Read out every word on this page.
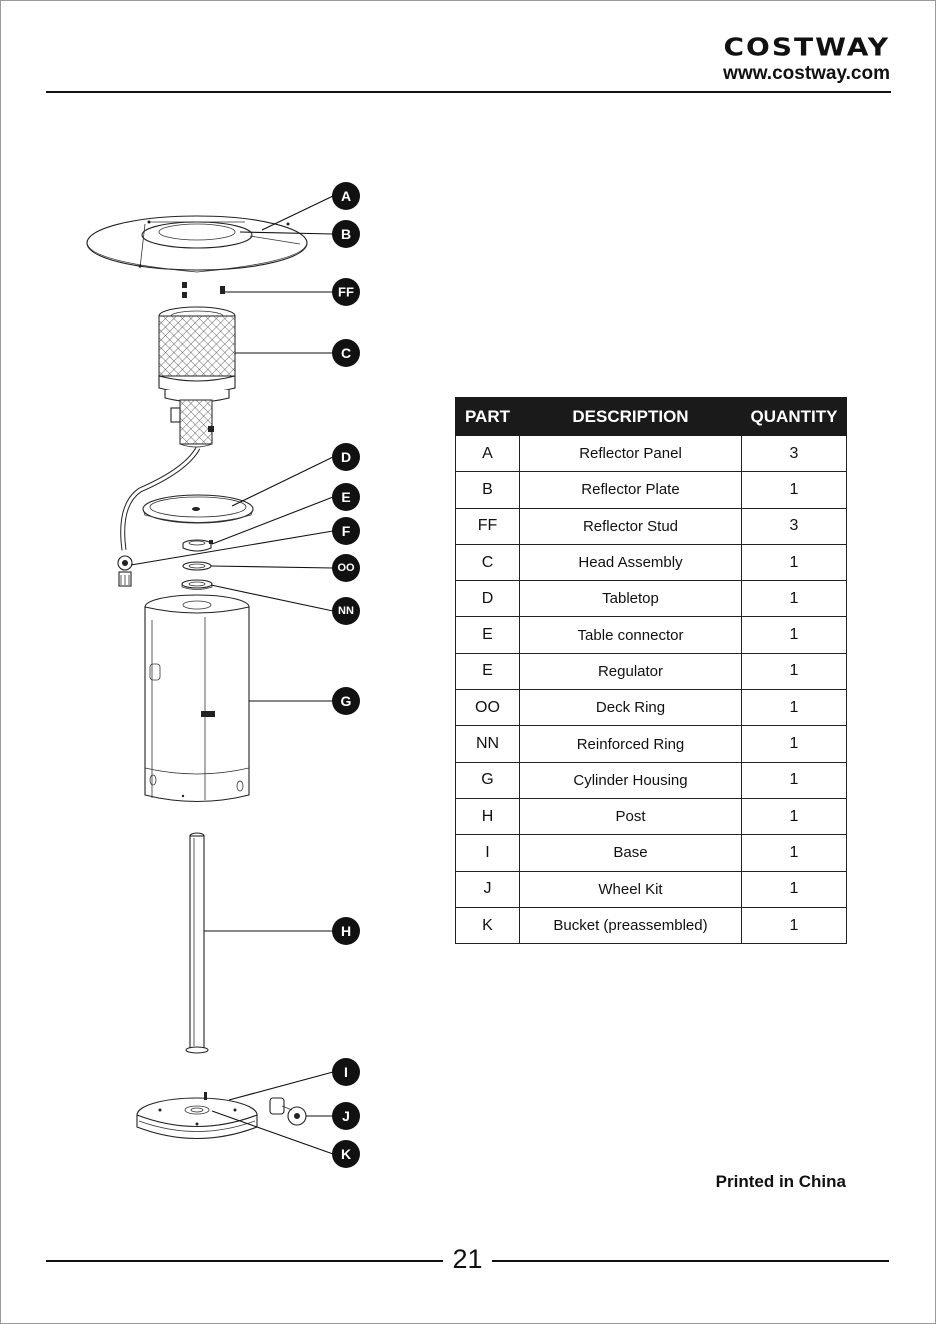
COSTWAY
www.costway.com
A
B
FF
C
D
E
F
OO
NN
G
H
I
J
K
PART	DESCRIPTION	QUANTITY
A	Reflector Panel	3
B	Reflector Plate	1
FF	Reflector Stud	3
C	Head Assembly	1
D	Tabletop	1
E	Table connector	1
E	Regulator	1
OO	Deck Ring	1
NN	Reinforced Ring	1
G	Cylinder Housing	1
H	Post	1
I	Base	1
J	Wheel Kit	1
K	Bucket (preassembled)	1
Printed in China
21
